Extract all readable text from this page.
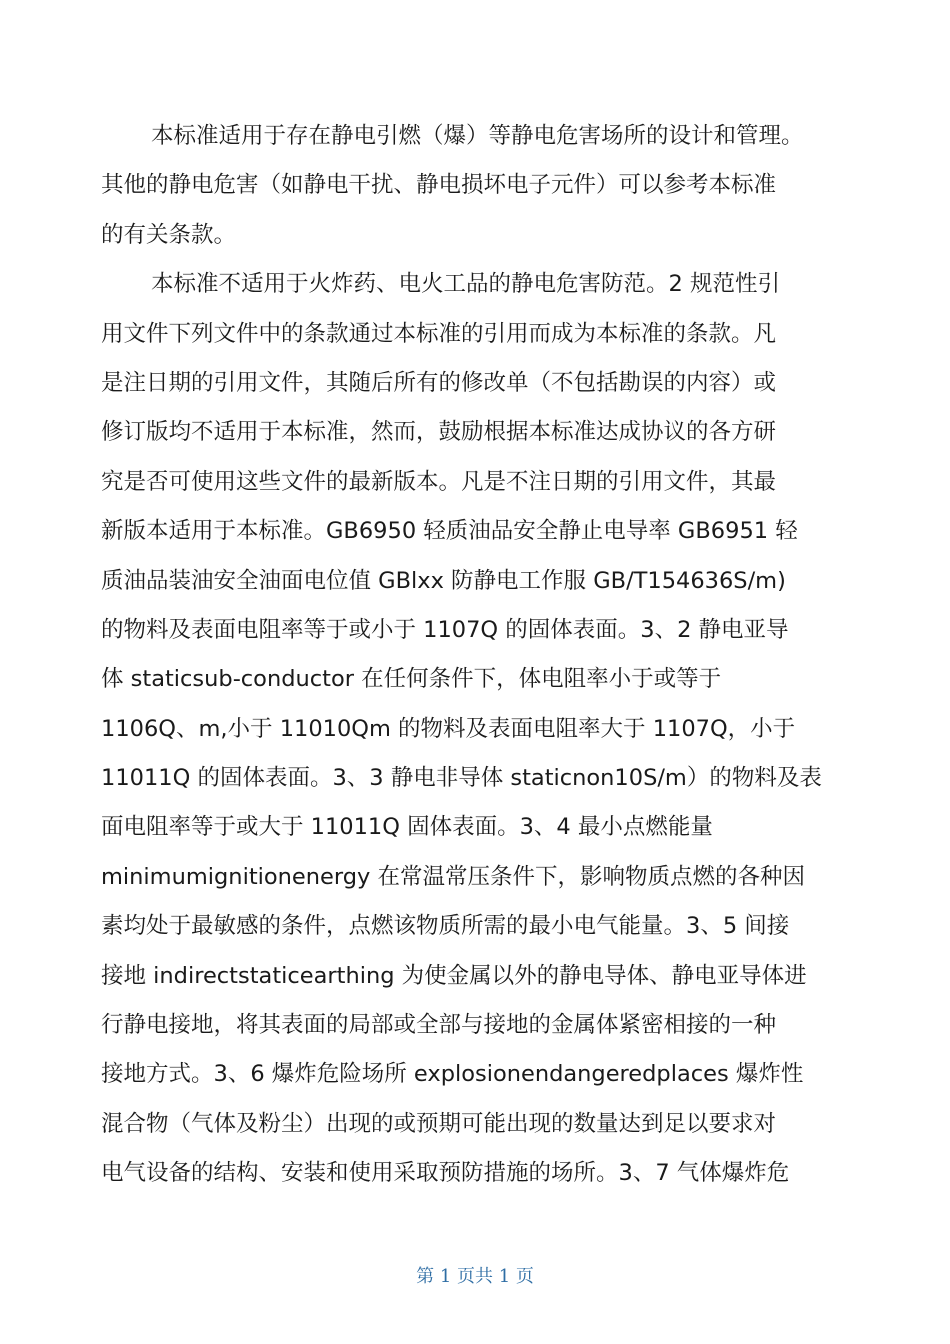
本标准适用于存在静电引燃（爆）等静电危害场所的设计和管理。
其他的静电危害（如静电干扰、静电损坏电子元件）可以参考本标准
的有关条款。
本标准不适用于火炸药、电火工品的静电危害防范。2 规范性引
用文件下列文件中的条款通过本标准的引用而成为本标准的条款。凡
是注日期的引用文件，其随后所有的修改单（不包括勘误的内容）或
修订版均不适用于本标准，然而，鼓励根据本标准达成协议的各方研
究是否可使用这些文件的最新版本。凡是不注日期的引用文件，其最
新版本适用于本标准。GB6950 轻质油品安全静止电导率 GB6951 轻
质油品装油安全油面电位值 GBlxx 防静电工作服 GB/T154636S/m)
的物料及表面电阻率等于或小于 1107Q 的固体表面。3、2 静电亚导
体 staticsub-conductor 在任何条件下，体电阻率小于或等于
1106Q、m,小于 11010Qm 的物料及表面电阻率大于 1107Q，小于
11011Q 的固体表面。3、3 静电非导体 staticnon10S/m）的物料及表
面电阻率等于或大于 11011Q 固体表面。3、4 最小点燃能量
minimumignitionenergy 在常温常压条件下，影响物质点燃的各种因
素均处于最敏感的条件，点燃该物质所需的最小电气能量。3、5 间接
接地 indirectstaticearthing 为使金属以外的静电导体、静电亚导体进
行静电接地，将其表面的局部或全部与接地的金属体紧密相接的一种
接地方式。3、6 爆炸危险场所 explosionendangeredplaces 爆炸性
混合物（气体及粉尘）出现的或预期可能出现的数量达到足以要求对
电气设备的结构、安装和使用采取预防措施的场所。3、7 气体爆炸危
第 1 页共 1 页
